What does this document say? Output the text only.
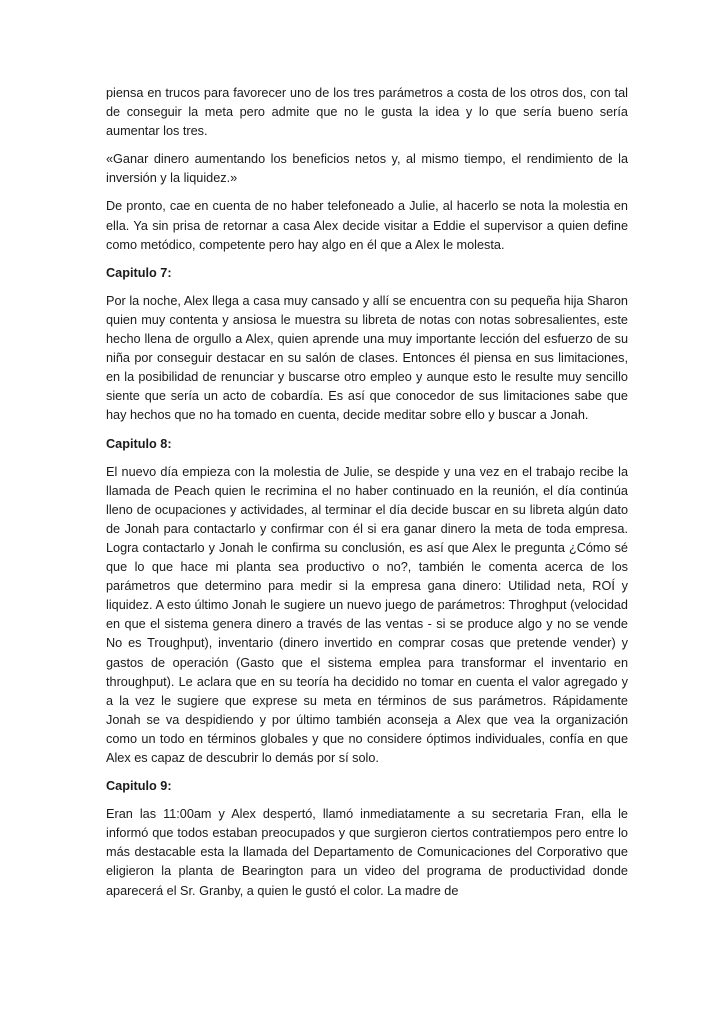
piensa en trucos para favorecer uno de los tres parámetros a costa de los otros dos, con tal de conseguir la meta pero admite que no le gusta la idea y lo que sería bueno sería aumentar los tres.

«Ganar dinero aumentando los beneficios netos y, al mismo tiempo, el rendimiento de la inversión y la liquidez.»

De pronto, cae en cuenta de no haber telefoneado a Julie, al hacerlo se nota la molestia en ella. Ya sin prisa de retornar a casa Alex decide visitar a Eddie el supervisor a quien define como metódico, competente pero hay algo en él que a Alex le molesta.

Capitulo 7:

Por la noche, Alex llega a casa muy cansado y allí se encuentra con su pequeña hija Sharon quien muy contenta y ansiosa le muestra su libreta de notas con notas sobresalientes, este hecho llena de orgullo a Alex, quien aprende una muy importante lección del esfuerzo de su niña por conseguir destacar en su salón de clases. Entonces él piensa en sus limitaciones, en la posibilidad de renunciar y buscarse otro empleo y aunque esto le resulte muy sencillo siente que sería un acto de cobardía. Es así que conocedor de sus limitaciones sabe que hay hechos que no ha tomado en cuenta, decide meditar sobre ello y buscar a Jonah.

Capitulo 8:

El nuevo día empieza con la molestia de Julie, se despide y una vez en el trabajo recibe la llamada de Peach quien le recrimina el no haber continuado en la reunión, el día continúa lleno de ocupaciones y actividades, al terminar el día decide buscar en su libreta algún dato de Jonah para contactarlo y confirmar con él si era ganar dinero la meta de toda empresa. Logra contactarlo y Jonah le confirma su conclusión, es así que Alex le pregunta ¿Cómo sé que lo que hace mi planta sea productivo o no?, también le comenta acerca de los parámetros que determino para medir si la empresa gana dinero: Utilidad neta, ROÍ y liquidez. A esto último Jonah le sugiere un nuevo juego de parámetros: Throghput (velocidad en que el sistema genera dinero a través de las ventas - si se produce algo y no se vende No es Troughput), inventario (dinero invertido en comprar cosas que pretende vender) y gastos de operación (Gasto que el sistema emplea para transformar el inventario en throughput). Le aclara que en su teoría ha decidido no tomar en cuenta el valor agregado y a la vez le sugiere que exprese su meta en términos de sus parámetros. Rápidamente Jonah se va despidiendo y por último también aconseja a Alex que vea la organización como un todo en términos globales y que no considere óptimos individuales, confía en que Alex es capaz de descubrir lo demás por sí solo.

Capitulo 9:

Eran las 11:00am y Alex despertó, llamó inmediatamente a su secretaria Fran, ella le informó que todos estaban preocupados y que surgieron ciertos contratiempos pero entre lo más destacable esta la llamada del Departamento de Comunicaciones del Corporativo que eligieron la planta de Bearington para un video del programa de productividad donde aparecerá el Sr. Granby, a quien le gustó el color. La madre de
